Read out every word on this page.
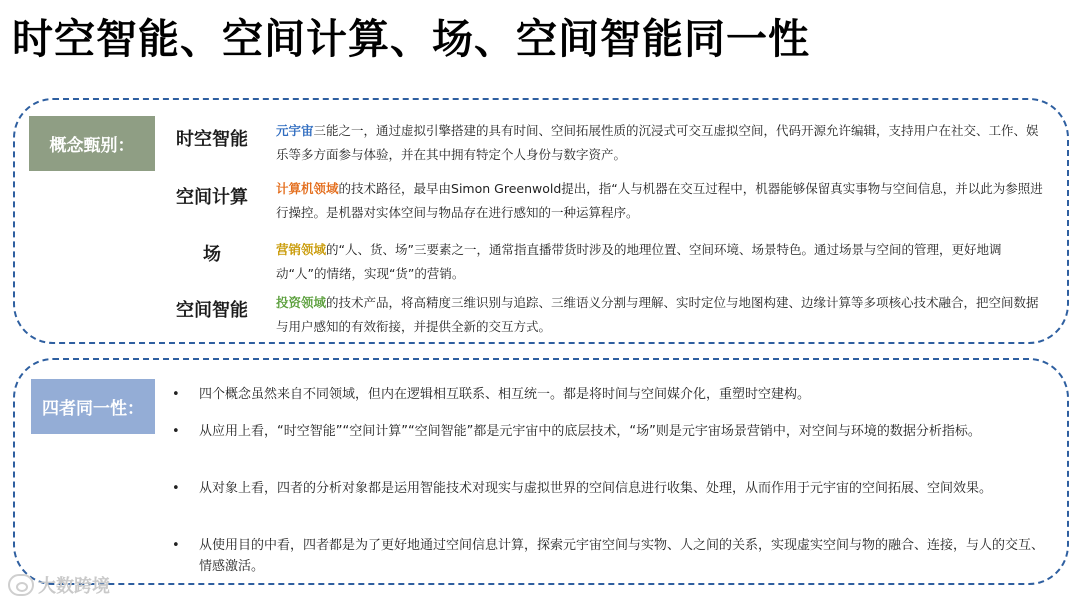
时空智能、空间计算、场、空间智能同一性
概念甄别：	时空智能 元宇宙三能之一，通过虚拟引擎搭建的具有时间、空间拓展性质的沉浸式可交互虚拟空间，代码开源允许编辑，支持用户在社交、工作、娱乐等多方面参与体验，并在其中拥有特定个人身份与数字资产。
空间计算 计算机领域的技术路径，最早由Simon Greenwold提出，指“人与机器在交互过程中，机器能够保留真实事物与空间信息，并以此为参照进行操控。是机器对实体空间与物品存在进行感知的一种运算程序。
场	营销领域的“人、货、场”三要素之一，通常指直播带货时涉及的地理位置、空间环境、场景特色。通过场景与空间的管理，更好地调动“人”的情绪，实现“货”的营销。
空间智能 投资领域的技术产品，将高精度三维识别与追踪、三维语义分割与理解、实时定位与地图构建、边缘计算等多项核心技术融合，把空间数据与用户感知的有效衔接，并提供全新的交互方式。
四者同一性：
• 四个概念虽然来自不同领域，但内在逻辑相互联系、相互统一。都是将时间与空间媒介化，重塑时空建构。
• 从应用上看，“时空智能”“空间计算”“空间智能”都是元宇宙中的底层技术，“场”则是元宇宙场景营销中，对空间与环境的数据分析指标。
• 从对象上看，四者的分析对象都是运用智能技术对现实与虚拟世界的空间信息进行收集、处理，从而作用于元宇宙的空间拓展、空间效果。
• 从使用目的中看，四者都是为了更好地通过空间信息计算，探索元宇宙空间与实物、人之间的关系，实现虚实空间与物的融合、连接，与人的交互、情感激活。
大数跨境
